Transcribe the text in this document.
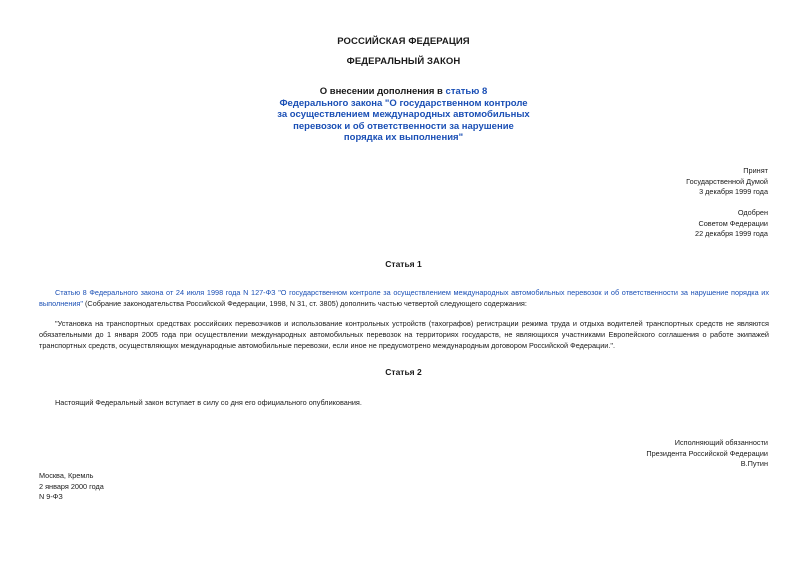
РОССИЙСКАЯ ФЕДЕРАЦИЯ
ФЕДЕРАЛЬНЫЙ ЗАКОН
О внесении дополнения в статью 8
Федерального закона "О государственном контроле
за осуществлением международных автомобильных
перевозок и об ответственности за нарушение
порядка их выполнения"
Принят
Государственной Думой
3 декабря 1999 года
Одобрен
Советом Федерации
22 декабря 1999 года
Статья 1

Статью 8 Федерального закона от 24 июля 1998 года N 127-ФЗ "О государственном контроле за осуществлением международных автомобильных перевозок и об ответственности за нарушение порядка их выполнения" (Собрание законодательства Российской Федерации, 1998, N 31, ст. 3805) дополнить частью четвертой следующего содержания:

"Установка на транспортных средствах российских перевозчиков и использование контрольных устройств (тахографов) регистрации режима труда и отдыха водителей транспортных средств не являются обязательными до 1 января 2005 года при осуществлении международных автомобильных перевозок на территориях государств, не являющихся участниками Европейского соглашения о работе экипажей транспортных средств, осуществляющих международные автомобильные перевозки, если иное не предусмотрено международным договором Российской Федерации.".

Статья 2

Настоящий Федеральный закон вступает в силу со дня его официального опубликования.

Исполняющий обязанности
Президента Российской Федерации
В.Путин
Москва, Кремль
2 января 2000 года
N 9-ФЗ
